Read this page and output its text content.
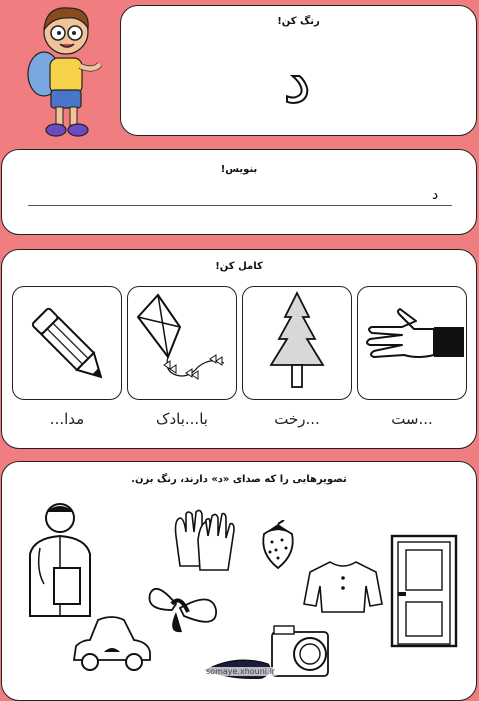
رنگ کن!
د
بنویس!
د
کامل کن!
...ست
...رخت
با...بادک
مدا...
تصویرهایی را که صدای «د» دارند، رنگ بزن.
somaye.xhouni.ir
